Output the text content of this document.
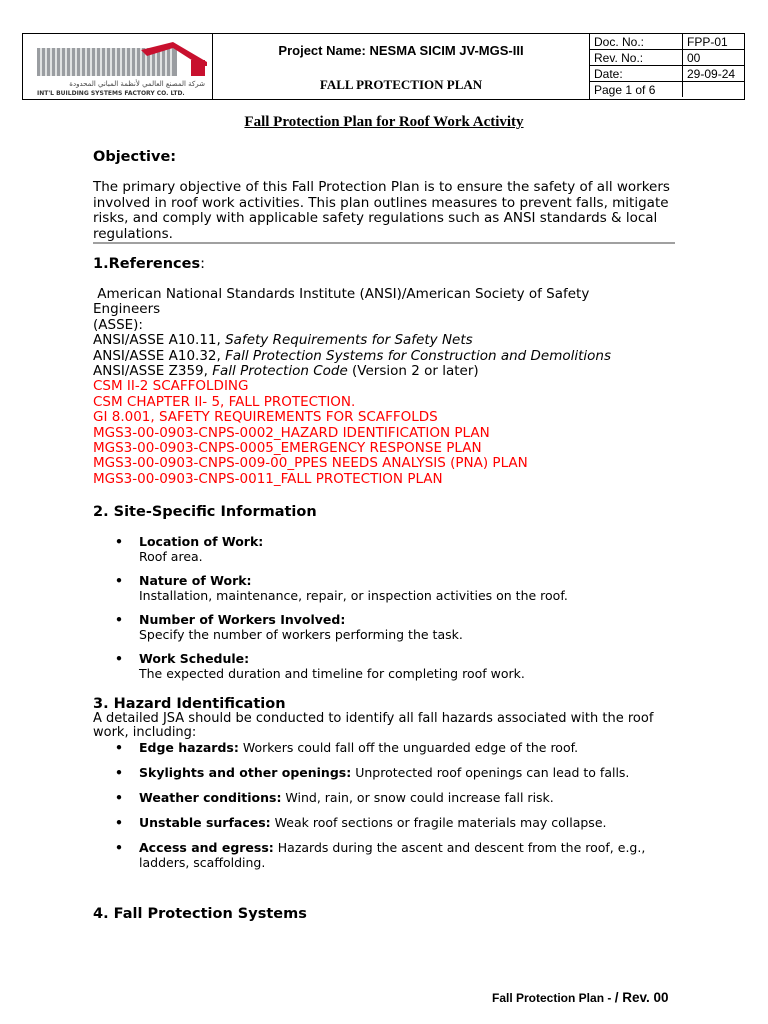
شركة المصنع العالمي لأنظمة المباني المحدودة
INT'L BUILDING SYSTEMS FACTORY CO. LTD.
Project Name: NESMA SICIM JV-MGS-III
FALL PROTECTION PLAN
Doc. No.:	FPP-01
Rev. No.:	00
Date:	29-09-24
Page 1 of 6	
Fall Protection Plan for Roof Work Activity
Objective:
The primary objective of this Fall Protection Plan is to ensure the safety of all workers involved in roof work activities. This plan outlines measures to prevent falls, mitigate risks, and comply with applicable safety regulations such as ANSI standards & local regulations.
1.References:
American National Standards Institute (ANSI)/American Society of Safety
Engineers
(ASSE):
ANSI/ASSE A10.11, Safety Requirements for Safety Nets
ANSI/ASSE A10.32, Fall Protection Systems for Construction and Demolitions
ANSI/ASSE Z359, Fall Protection Code (Version 2 or later)
CSM II-2 SCAFFOLDING
CSM CHAPTER II- 5, FALL PROTECTION.
GI 8.001, SAFETY REQUIREMENTS FOR SCAFFOLDS
MGS3-00-0903-CNPS-0002_HAZARD IDENTIFICATION PLAN
MGS3-00-0903-CNPS-0005_EMERGENCY RESPONSE PLAN
MGS3-00-0903-CNPS-009-00_PPES NEEDS ANALYSIS (PNA) PLAN
MGS3-00-0903-CNPS-0011_FALL PROTECTION PLAN
2. Site-Specific Information
• Location of Work:
Roof area.
• Nature of Work:
Installation, maintenance, repair, or inspection activities on the roof.
• Number of Workers Involved:
Specify the number of workers performing the task.
• Work Schedule:
The expected duration and timeline for completing roof work.
3. Hazard Identification
A detailed JSA should be conducted to identify all fall hazards associated with the roof work, including:
• Edge hazards: Workers could fall off the unguarded edge of the roof.
• Skylights and other openings: Unprotected roof openings can lead to falls.
• Weather conditions: Wind, rain, or snow could increase fall risk.
• Unstable surfaces: Weak roof sections or fragile materials may collapse.
• Access and egress: Hazards during the ascent and descent from the roof, e.g., ladders, scaffolding.
4. Fall Protection Systems
Fall Protection Plan - / Rev. 00
